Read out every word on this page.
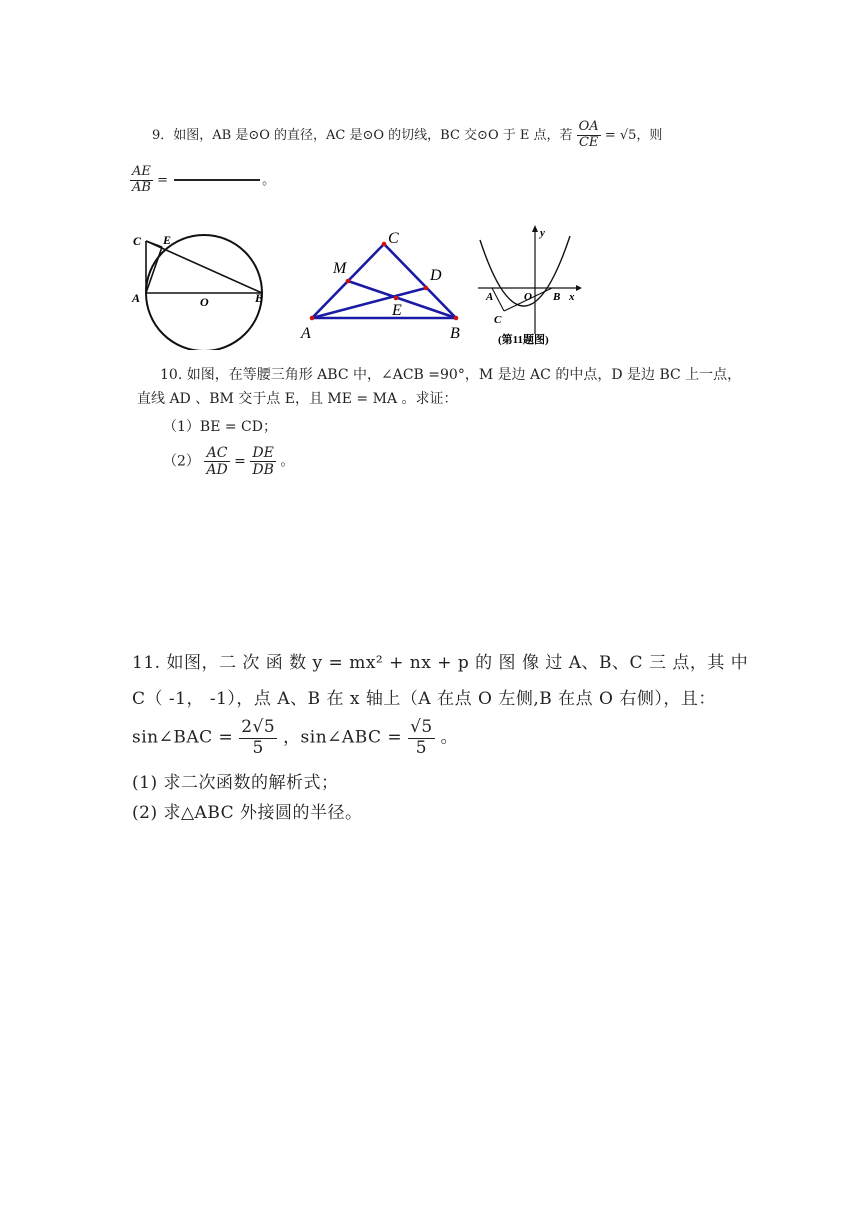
9．如图，AB 是⊙O 的直径，AC 是⊙O 的切线，BC 交⊙O 于 E 点，若 $\frac{OA}{CE} = √5$，则
$\frac{AE}{AB}$ =	。
C E
A	O	B
C
M	D
E
A	B
y
A	O B x
C
(第11题图)
10. 如图，在等腰三角形 ABC 中，∠ACB =90°，M 是边 AC 的中点，D 是边 BC 上一点，
直线 AD 、BM 交于点 E，且 ME = MA 。求证：
（1）BE = CD；
$(2) \frac{AC}{AD} = \frac{DE}{DB}$ 。
11. 如图，二 次 函 数 y = mx² + nx + p 的 图 像 过 A、B、C 三 点，其 中
C（ -1， -1），点 A、B 在 x 轴上（A 在点 O 左侧,B 在点 O 右侧），且：
sin∠BAC = $\frac{2√5}{5}$ ，sin∠ABC = $\frac{√5}{5}$ 。
(1) 求二次函数的解析式；
(2) 求△ABC 外接圆的半径。
